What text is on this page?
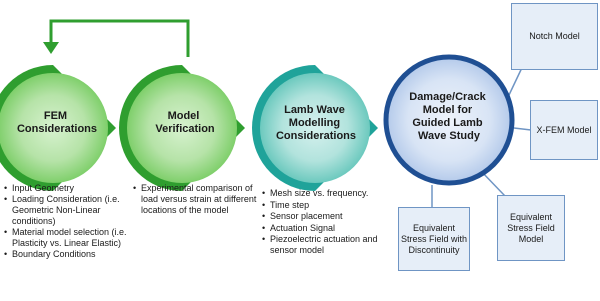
FEM Considerations
Model Verification
Lamb Wave Modelling Considerations
Damage/Crack Model for Guided Lamb Wave Study
• Input Geometry
• Loading Consideration (i.e. Geometric Non-Linear conditions)
• Material model selection (i.e. Plasticity vs. Linear Elastic)
• Boundary Conditions
• Experimental comparison of load versus strain at different locations of the model
• Mesh size vs. frequency.
• Time step
• Sensor placement
• Actuation Signal
• Piezoelectric actuation and sensor model
Notch Model
X-FEM Model
Equivalent Stress Field Model
Equivalent Stress Field with Discontinuity
